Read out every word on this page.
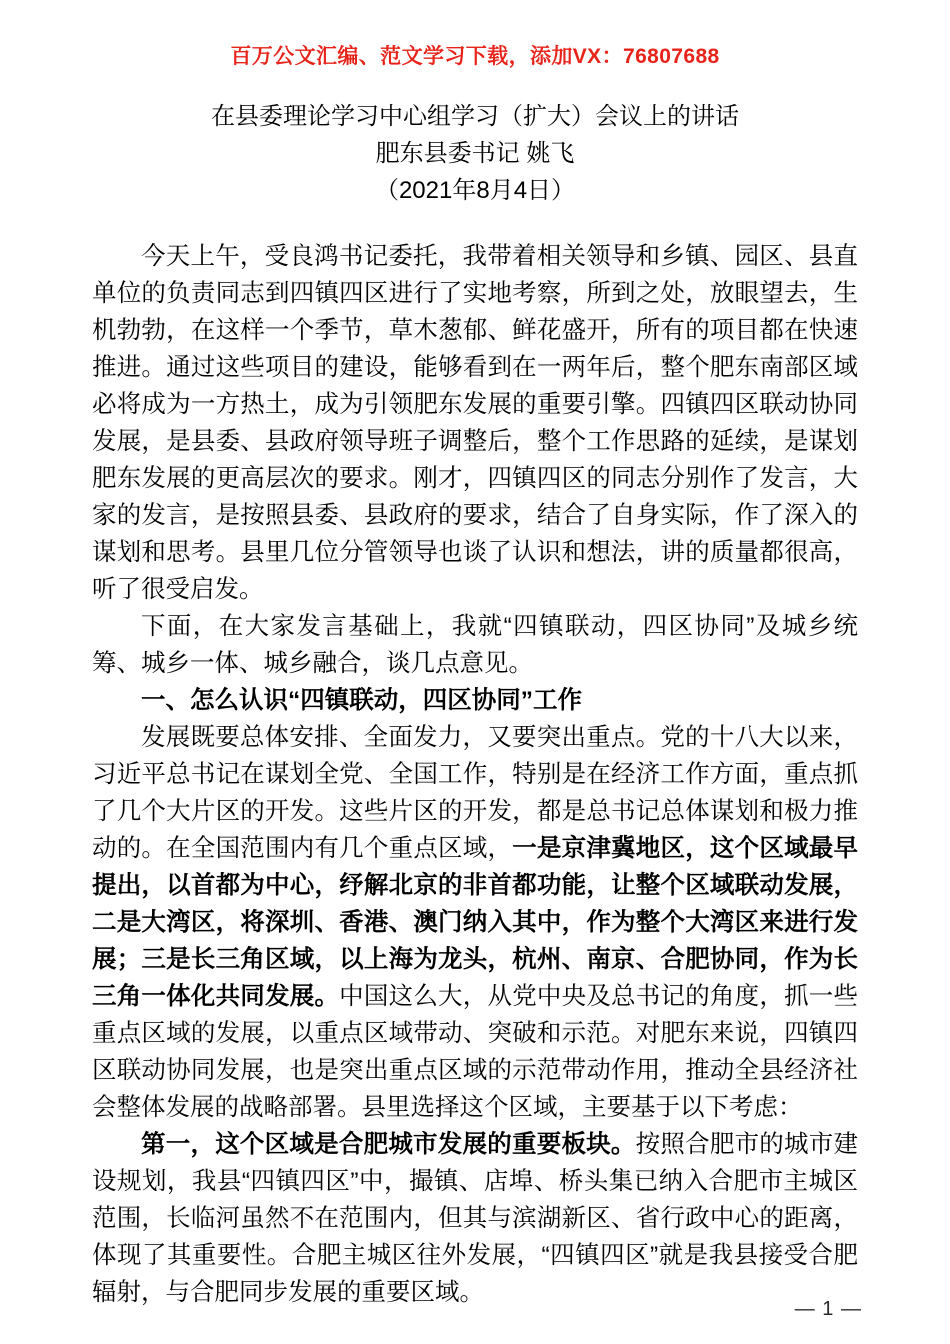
百万公文汇编、范文学习下载，添加VX：76807688
在县委理论学习中心组学习（扩大）会议上的讲话
肥东县委书记 姚飞
（2021年8月4日）

今天上午，受良鸿书记委托，我带着相关领导和乡镇、园区、县直单位的负责同志到四镇四区进行了实地考察，所到之处，放眼望去，生机勃勃，在这样一个季节，草木葱郁、鲜花盛开，所有的项目都在快速推进。通过这些项目的建设，能够看到在一两年后，整个肥东南部区域必将成为一方热土，成为引领肥东发展的重要引擎。四镇四区联动协同发展，是县委、县政府领导班子调整后，整个工作思路的延续，是谋划肥东发展的更高层次的要求。刚才，四镇四区的同志分别作了发言，大家的发言，是按照县委、县政府的要求，结合了自身实际，作了深入的谋划和思考。县里几位分管领导也谈了认识和想法，讲的质量都很高，听了很受启发。

下面，在大家发言基础上，我就“四镇联动，四区协同”及城乡统筹、城乡一体、城乡融合，谈几点意见。

一、怎么认识“四镇联动，四区协同”工作

发展既要总体安排、全面发力，又要突出重点。党的十八大以来，习近平总书记在谋划全党、全国工作，特别是在经济工作方面，重点抓了几个大片区的开发。这些片区的开发，都是总书记总体谋划和极力推动的。在全国范围内有几个重点区域，一是京津冀地区，这个区域最早提出，以首都为中心，纾解北京的非首都功能，让整个区域联动发展，二是大湾区，将深圳、香港、澳门纳入其中，作为整个大湾区来进行发展；三是长三角区域，以上海为龙头，杭州、南京、合肥协同，作为长三角一体化共同发展。中国这么大，从党中央及总书记的角度，抓一些重点区域的发展，以重点区域带动、突破和示范。对肥东来说，四镇四区联动协同发展，也是突出重点区域的示范带动作用，推动全县经济社会整体发展的战略部署。县里选择这个区域，主要基于以下考虑：

第一，这个区域是合肥城市发展的重要板块。按照合肥市的城市建设规划，我县“四镇四区”中，撮镇、店埠、桥头集已纳入合肥市主城区范围，长临河虽然不在范围内，但其与滨湖新区、省行政中心的距离，体现了其重要性。合肥主城区往外发展，“四镇四区”就是我县接受合肥辐射，与合肥同步发展的重要区域。

— 1 —
